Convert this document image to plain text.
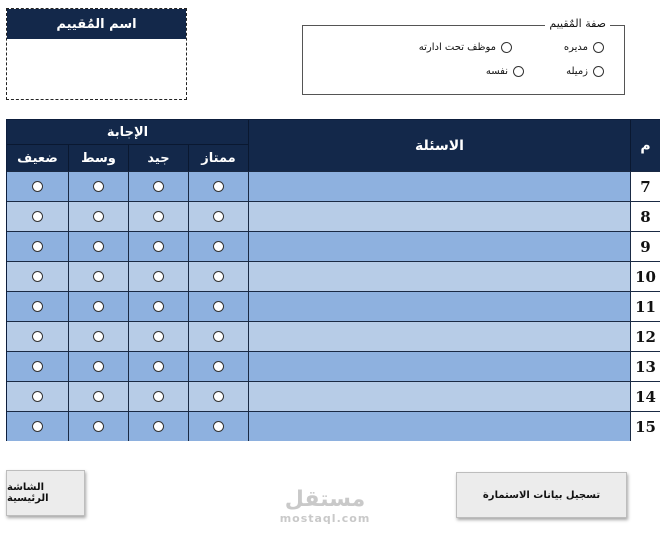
اسم المُقييم	صفة المٌقييم
مديره
موظف تحت ادارته
زميله
نفسه
الإجابة
ضعيف	وسط	جيد	ممتاز
الاسئلة	م
7
8
9
10
11
12
13
14
15
تسجيل بيانات الاستمارة
الشاشة الرئيسية	مستقل
mostaql.com
